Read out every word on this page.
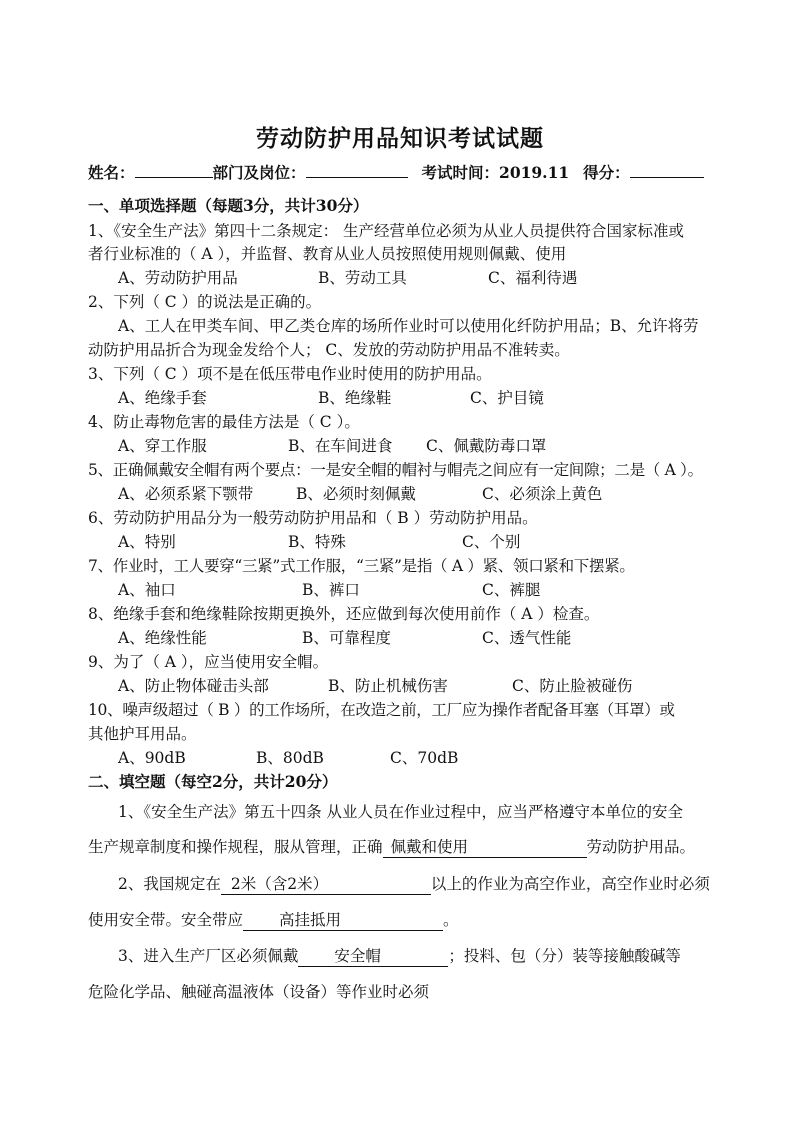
劳动防护用品知识考试试题
姓名：	部门及岗位：	考试时间：2019.11 得分：
一、单项选择题（每题3分，共计30分）
1、《安全生产法》第四十二条规定： 生产经营单位必须为从业人员提供符合国家标准或
者行业标准的（ A ），并监督、教育从业人员按照使用规则佩戴、使用
A、劳动防护用品	B、劳动工具	C、福利待遇
2、下列（ C ）的说法是正确的。
A、工人在甲类车间、甲乙类仓库的场所作业时可以使用化纤防护用品；B、允许将劳
动防护用品折合为现金发给个人； C、发放的劳动防护用品不准转卖。
3、下列（ C ）项不是在低压带电作业时使用的防护用品。
A、绝缘手套	B、绝缘鞋	C、护目镜
4、防止毒物危害的最佳方法是（ C ）。
A、穿工作服	B、在车间进食 C、佩戴防毒口罩
5、正确佩戴安全帽有两个要点：一是安全帽的帽衬与帽壳之间应有一定间隙；二是（ A ）。
A、必须系紧下颚带	B、必须时刻佩戴	C、必须涂上黄色
6、劳动防护用品分为一般劳动防护用品和（ B ）劳动防护用品。
A、特别	B、特殊	C、个别
7、作业时，工人要穿“三紧”式工作服，“三紧”是指（ A ）紧、领口紧和下摆紧。
A、袖口	B、裤口	C、裤腿
8、绝缘手套和绝缘鞋除按期更换外，还应做到每次使用前作（ A ）检查。
A、绝缘性能	B、可靠程度	C、透气性能
9、为了（ A ），应当使用安全帽。
A、防止物体碰击头部	B、防止机械伤害	C、防止脸被碰伤
10、噪声级超过（ B ）的工作场所，在改造之前，工厂应为操作者配备耳塞（耳罩）或
其他护耳用品。
A、90dB	B、80dB	C、70dB
二、填空题（每空2分，共计20分）
1、《安全生产法》第五十四条 从业人员在作业过程中，应当严格遵守本单位的安全
生产规章制度和操作规程，服从管理，正确 佩戴和使用	劳动防护用品。
2、我国规定在 2米（含2米）	以上的作业为高空作业，高空作业时必须
使用安全带。安全带应 高挂抵用	。
3、进入生产厂区必须佩戴 安全帽	；投料、包（分）装等接触酸碱等
危险化学品、触碰高温液体（设备）等作业时必须
